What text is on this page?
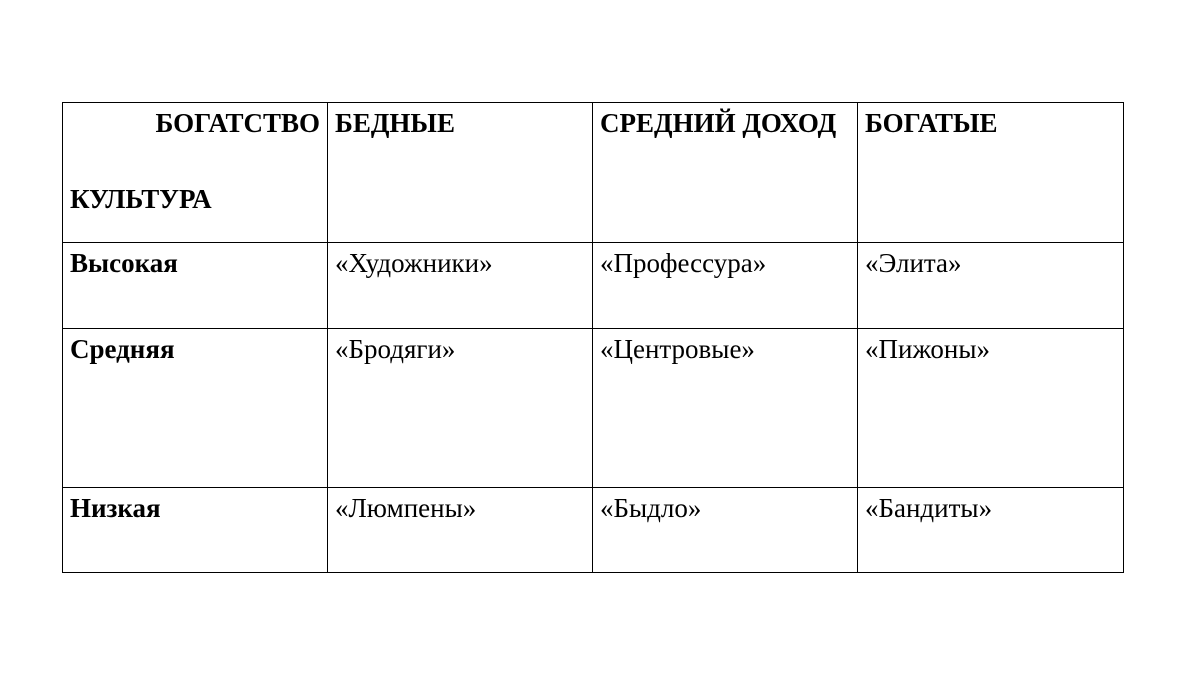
БОГАТСТВО
КУЛЬТУРА	БЕДНЫЕ	СРЕДНИЙ ДОХОД	БОГАТЫЕ
Высокая	«Художники»	«Профессура»	«Элита»
Средняя	«Бродяги»	«Центровые»	«Пижоны»
Низкая	«Люмпены»	«Быдло»	«Бандиты»
